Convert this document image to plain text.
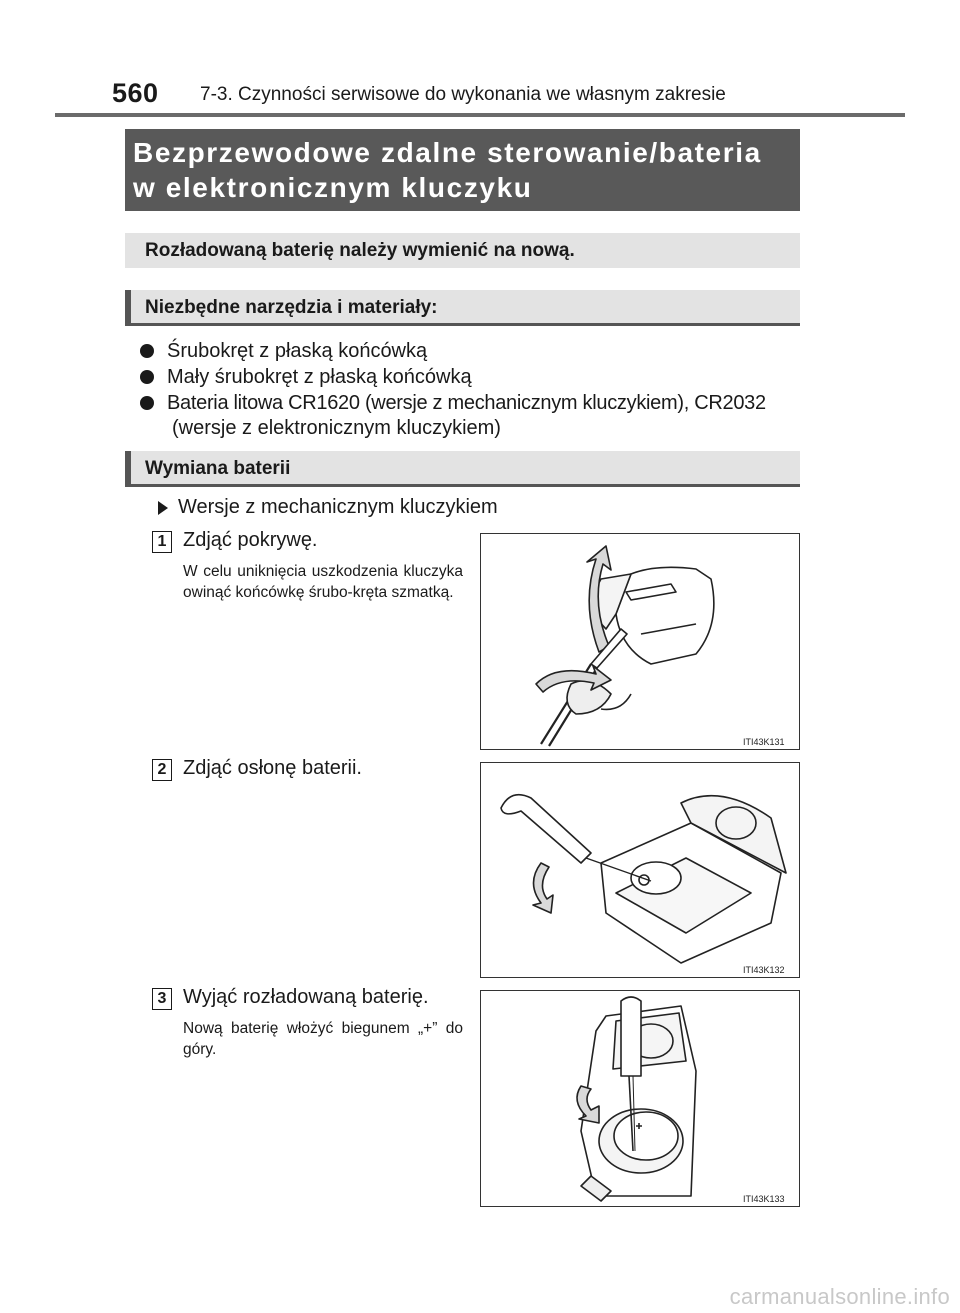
560 7-3. Czynności serwisowe do wykonania we własnym zakresie
Bezprzewodowe zdalne sterowanie/bateria
w elektronicznym kluczyku
Rozładowaną baterię należy wymienić na nową.
Niezbędne narzędzia i materiały:
Śrubokręt z płaską końcówką
Mały śrubokręt z płaską końcówką
Bateria litowa CR1620 (wersje z mechanicznym kluczykiem), CR2032
(wersje z elektronicznym kluczykiem)
Wymiana baterii
Wersje z mechanicznym kluczykiem
1 Zdjąć pokrywę.
W celu uniknięcia uszkodzenia kluczyka owinąć końcówkę śrubo-kręta szmatką.
ITI43K131
2 Zdjąć osłonę baterii.
ITI43K132
3 Wyjąć rozładowaną baterię.
Nową baterię włożyć biegunem „+” do góry.
ITI43K133
carmanualsonline.info
